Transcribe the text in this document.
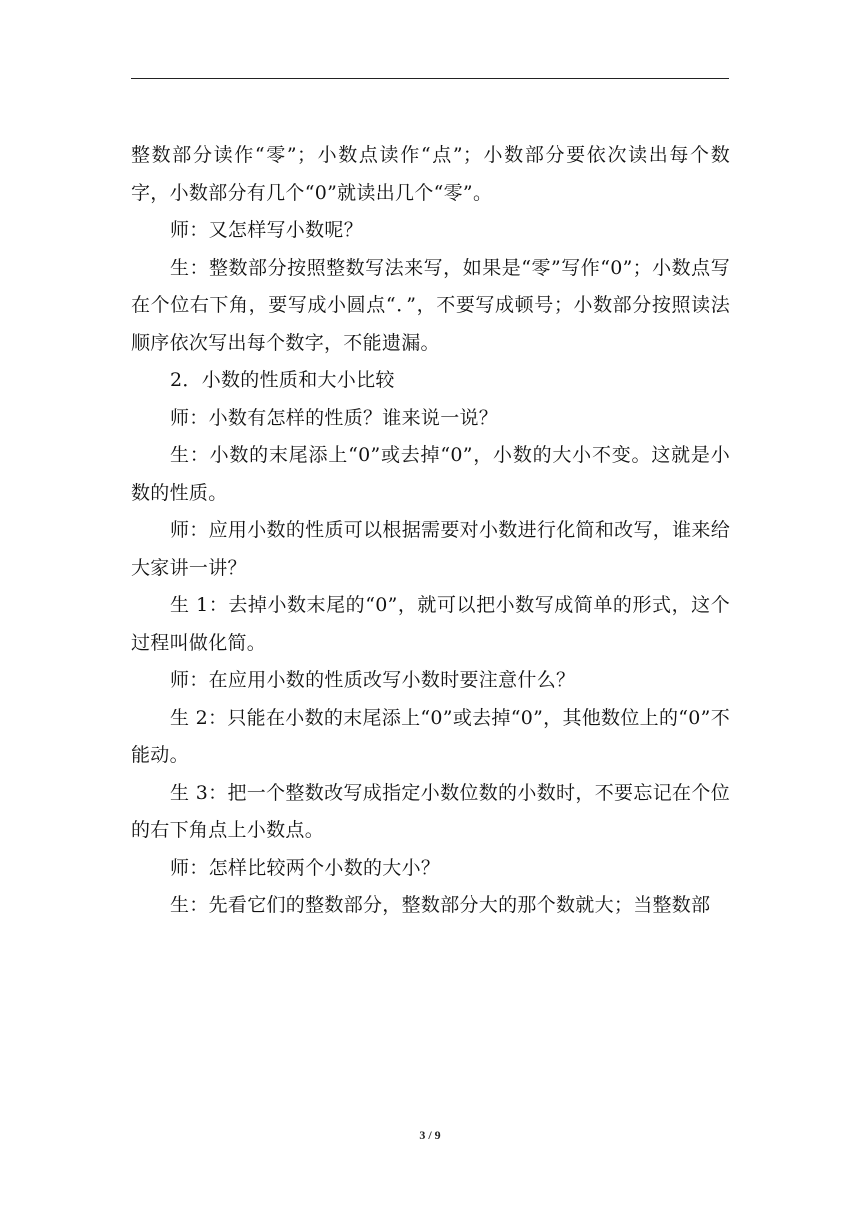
整数部分读作“零”；小数点读作“点”；小数部分要依次读出每个数字，小数部分有几个“0”就读出几个“零”。

师：又怎样写小数呢？

生：整数部分按照整数写法来写，如果是“零”写作“0”；小数点写在个位右下角，要写成小圆点“．”，不要写成顿号；小数部分按照读法顺序依次写出每个数字，不能遗漏。

2．小数的性质和大小比较

师：小数有怎样的性质？谁来说一说？

生：小数的末尾添上“0”或去掉“0”，小数的大小不变。这就是小数的性质。

师：应用小数的性质可以根据需要对小数进行化简和改写，谁来给大家讲一讲？

生 1：去掉小数末尾的“0”，就可以把小数写成简单的形式，这个过程叫做化简。

师：在应用小数的性质改写小数时要注意什么？

生 2：只能在小数的末尾添上“0”或去掉“0”，其他数位上的“0”不能动。

生 3：把一个整数改写成指定小数位数的小数时，不要忘记在个位的右下角点上小数点。

师：怎样比较两个小数的大小？

生：先看它们的整数部分，整数部分大的那个数就大；当整数部

3 / 9
